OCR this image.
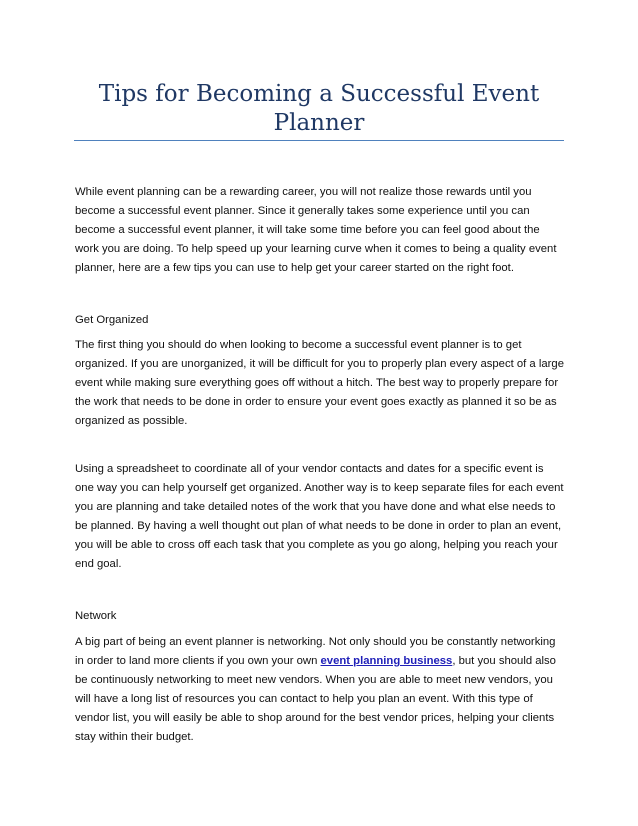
Tips for Becoming a Successful Event Planner

While event planning can be a rewarding career, you will not realize those rewards until you become a successful event planner. Since it generally takes some experience until you can become a successful event planner, it will take some time before you can feel good about the work you are doing. To help speed up your learning curve when it comes to being a quality event planner, here are a few tips you can use to help get your career started on the right foot.

Get Organized

The first thing you should do when looking to become a successful event planner is to get organized. If you are unorganized, it will be difficult for you to properly plan every aspect of a large event while making sure everything goes off without a hitch. The best way to properly prepare for the work that needs to be done in order to ensure your event goes exactly as planned it so be as organized as possible.

Using a spreadsheet to coordinate all of your vendor contacts and dates for a specific event is one way you can help yourself get organized. Another way is to keep separate files for each event you are planning and take detailed notes of the work that you have done and what else needs to be planned. By having a well thought out plan of what needs to be done in order to plan an event, you will be able to cross off each task that you complete as you go along, helping you reach your end goal.

Network

A big part of being an event planner is networking. Not only should you be constantly networking in order to land more clients if you own your own event planning business, but you should also be continuously networking to meet new vendors. When you are able to meet new vendors, you will have a long list of resources you can contact to help you plan an event. With this type of vendor list, you will easily be able to shop around for the best vendor prices, helping your clients stay within their budget.
